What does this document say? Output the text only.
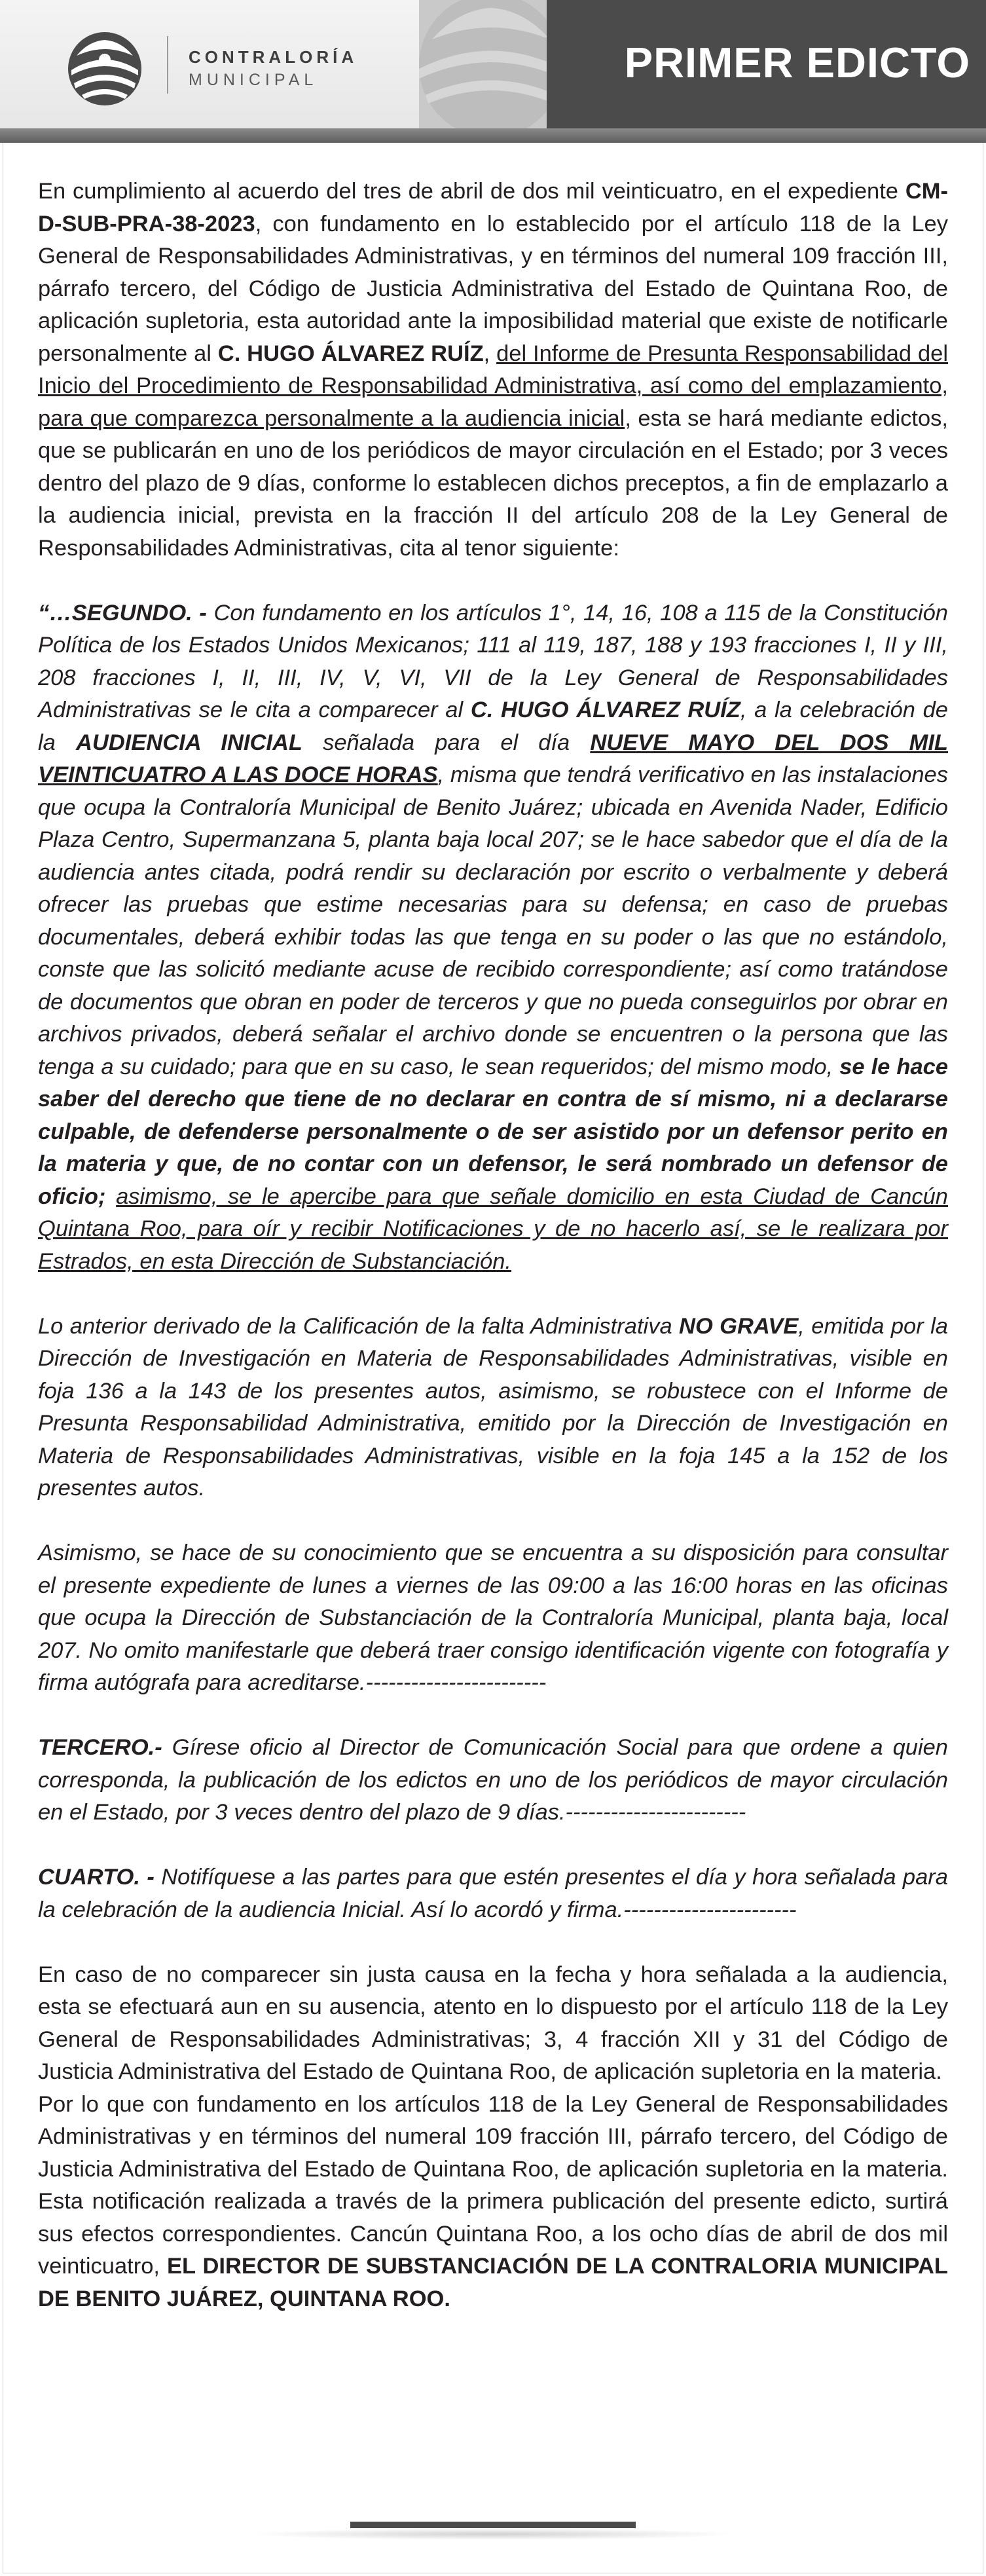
CONTRALORÍA
MUNICIPAL	PRIMER EDICTO

En cumplimiento al acuerdo del tres de abril de dos mil veinticuatro, en el expediente CM-D-SUB-PRA-38-2023, con fundamento en lo establecido por el artículo 118 de la Ley General de Responsabilidades Administrativas, y en términos del numeral 109 fracción III, párrafo tercero, del Código de Justicia Administrativa del Estado de Quintana Roo, de aplicación supletoria, esta autoridad ante la imposibilidad material que existe de notificarle personalmente al C. HUGO ÁLVAREZ RUÍZ, del Informe de Presunta Responsabilidad del Inicio del Procedimiento de Responsabilidad Administrativa, así como del emplazamiento, para que comparezca personalmente a la audiencia inicial, esta se hará mediante edictos, que se publicarán en uno de los periódicos de mayor circulación en el Estado; por 3 veces dentro del plazo de 9 días, conforme lo establecen dichos preceptos, a fin de emplazarlo a la audiencia inicial, prevista en la fracción II del artículo 208 de la Ley General de Responsabilidades Administrativas, cita al tenor siguiente:

“…SEGUNDO. - Con fundamento en los artículos 1°, 14, 16, 108 a 115 de la Constitución Política de los Estados Unidos Mexicanos; 111 al 119, 187, 188 y 193 fracciones I, II y III, 208 fracciones I, II, III, IV, V, VI, VII de la Ley General de Responsabilidades Administrativas se le cita a comparecer al C. HUGO ÁLVAREZ RUÍZ, a la celebración de la AUDIENCIA INICIAL señalada para el día NUEVE MAYO DEL DOS MIL VEINTICUATRO A LAS DOCE HORAS, misma que tendrá verificativo en las instalaciones que ocupa la Contraloría Municipal de Benito Juárez; ubicada en Avenida Nader, Edificio Plaza Centro, Supermanzana 5, planta baja local 207; se le hace sabedor que el día de la audiencia antes citada, podrá rendir su declaración por escrito o verbalmente y deberá ofrecer las pruebas que estime necesarias para su defensa; en caso de pruebas documentales, deberá exhibir todas las que tenga en su poder o las que no estándolo, conste que las solicitó mediante acuse de recibido correspondiente; así como tratándose de documentos que obran en poder de terceros y que no pueda conseguirlos por obrar en archivos privados, deberá señalar el archivo donde se encuentren o la persona que las tenga a su cuidado; para que en su caso, le sean requeridos; del mismo modo, se le hace saber del derecho que tiene de no declarar en contra de sí mismo, ni a declararse culpable, de defenderse personalmente o de ser asistido por un defensor perito en la materia y que, de no contar con un defensor, le será nombrado un defensor de oficio; asimismo, se le apercibe para que señale domicilio en esta Ciudad de Cancún Quintana Roo, para oír y recibir Notificaciones y de no hacerlo así, se le realizara por Estrados, en esta Dirección de Substanciación.

Lo anterior derivado de la Calificación de la falta Administrativa NO GRAVE, emitida por la Dirección de Investigación en Materia de Responsabilidades Administrativas, visible en foja 136 a la 143 de los presentes autos, asimismo, se robustece con el Informe de Presunta Responsabilidad Administrativa, emitido por la Dirección de Investigación en Materia de Responsabilidades Administrativas, visible en la foja 145 a la 152 de los presentes autos.

Asimismo, se hace de su conocimiento que se encuentra a su disposición para consultar el presente expediente de lunes a viernes de las 09:00 a las 16:00 horas en las oficinas que ocupa la Dirección de Substanciación de la Contraloría Municipal, planta baja, local 207. No omito manifestarle que deberá traer consigo identificación vigente con fotografía y firma autógrafa para acreditarse.------------------------

TERCERO.- Gírese oficio al Director de Comunicación Social para que ordene a quien corresponda, la publicación de los edictos en uno de los periódicos de mayor circulación en el Estado, por 3 veces dentro del plazo de 9 días.------------------------

CUARTO. - Notifíquese a las partes para que estén presentes el día y hora señalada para la celebración de la audiencia Inicial. Así lo acordó y firma.-----------------------

En caso de no comparecer sin justa causa en la fecha y hora señalada a la audiencia, esta se efectuará aun en su ausencia, atento en lo dispuesto por el artículo 118 de la Ley General de Responsabilidades Administrativas; 3, 4 fracción XII y 31 del Código de Justicia Administrativa del Estado de Quintana Roo, de aplicación supletoria en la materia.

Por lo que con fundamento en los artículos 118 de la Ley General de Responsabilidades Administrativas y en términos del numeral 109 fracción III, párrafo tercero, del Código de Justicia Administrativa del Estado de Quintana Roo, de aplicación supletoria en la materia. Esta notificación realizada a través de la primera publicación del presente edicto, surtirá sus efectos correspondientes. Cancún Quintana Roo, a los ocho días de abril de dos mil veinticuatro, EL DIRECTOR DE SUBSTANCIACIÓN DE LA CONTRALORIA MUNICIPAL DE BENITO JUÁREZ, QUINTANA ROO.
